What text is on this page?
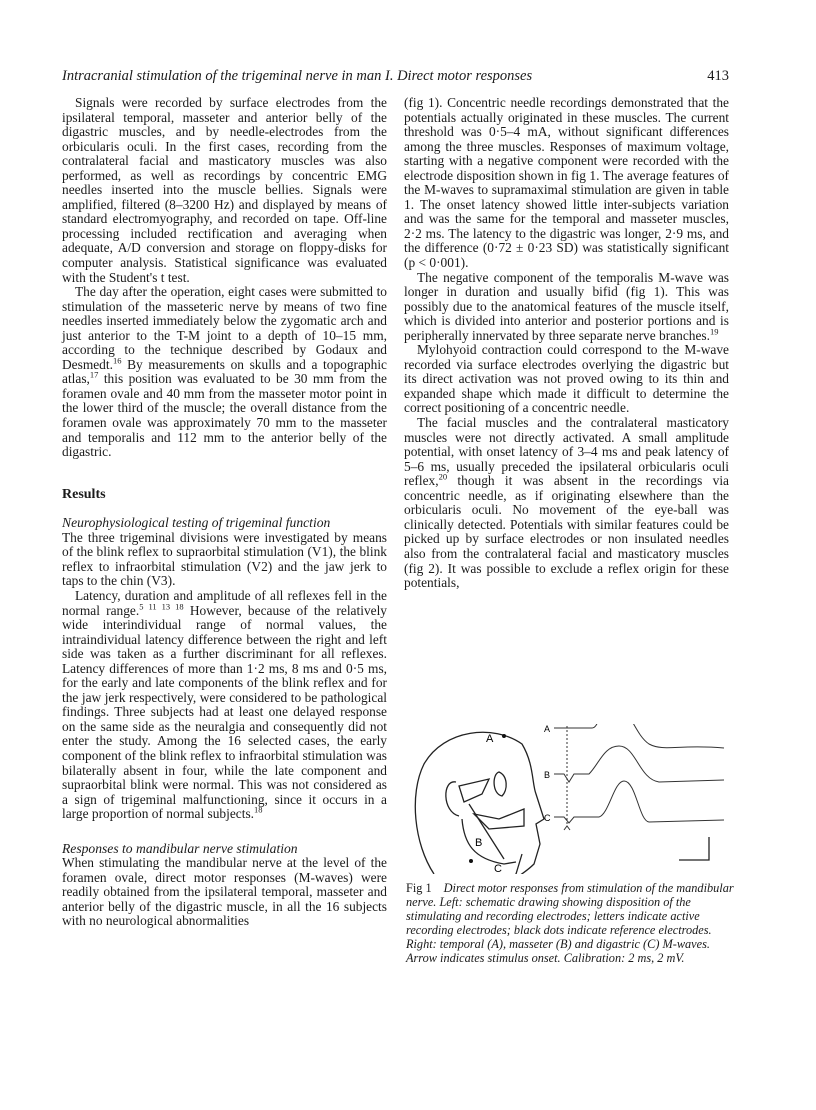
Intracranial stimulation of the trigeminal nerve in man I. Direct motor responses	413

Signals were recorded by surface electrodes from the ipsilateral temporal, masseter and anterior belly of the digastric muscles, and by needle-electrodes from the orbicularis oculi. In the first cases, recording from the contralateral facial and masticatory muscles was also performed, as well as recordings by concentric EMG needles inserted into the muscle bellies. Signals were amplified, filtered (8–3200 Hz) and displayed by means of standard electromyography, and recorded on tape. Off-line processing included rectification and averaging when adequate, A/D conversion and storage on floppy-disks for computer analysis. Statistical significance was evaluated with the Student's t test.

The day after the operation, eight cases were submitted to stimulation of the masseteric nerve by means of two fine needles inserted immediately below the zygomatic arch and just anterior to the T-M joint to a depth of 10–15 mm, according to the technique described by Godaux and Desmedt.$^{16}$ By measurements on skulls and a topographic atlas,$^{17}$ this position was evaluated to be 30 mm from the foramen ovale and 40 mm from the masseter motor point in the lower third of the muscle; the overall distance from the foramen ovale was approximately 70 mm to the masseter and temporalis and 112 mm to the anterior belly of the digastric.

Results
Neurophysiological testing of trigeminal function

The three trigeminal divisions were investigated by means of the blink reflex to supraorbital stimulation (V1), the blink reflex to infraorbital stimulation (V2) and the jaw jerk to taps to the chin (V3).

Latency, duration and amplitude of all reflexes fell in the normal range.$^{5 11 13 18}$ However, because of the relatively wide interindividual range of normal values, the intraindividual latency difference between the right and left side was taken as a further discriminant for all reflexes. Latency differences of more than 1·2 ms, 8 ms and 0·5 ms, for the early and late components of the blink reflex and for the jaw jerk respectively, were considered to be pathological findings. Three subjects had at least one delayed response on the same side as the neuralgia and consequently did not enter the study. Among the 16 selected cases, the early component of the blink reflex to infraorbital stimulation was bilaterally absent in four, while the late component and supraorbital blink were normal. This was not considered as a sign of trigeminal malfunctioning, since it occurs in a large proportion of normal subjects.$^{18}$

Responses to mandibular nerve stimulation

When stimulating the mandibular nerve at the level of the foramen ovale, direct motor responses (M-waves) were readily obtained from the ipsilateral temporal, masseter and anterior belly of the digastric muscle, in all the 16 subjects with no neurological abnormalities

(fig 1). Concentric needle recordings demonstrated that the potentials actually originated in these muscles. The current threshold was 0·5–4 mA, without significant differences among the three muscles. Responses of maximum voltage, starting with a negative component were recorded with the electrode disposition shown in fig 1. The average features of the M-waves to supramaximal stimulation are given in table 1. The onset latency showed little inter-subjects variation and was the same for the temporal and masseter muscles, 2·2 ms. The latency to the digastric was longer, 2·9 ms, and the difference (0·72 ± 0·23 SD) was statistically significant (p < 0·001).

The negative component of the temporalis M-wave was longer in duration and usually bifid (fig 1). This was possibly due to the anatomical features of the muscle itself, which is divided into anterior and posterior portions and is peripherally innervated by three separate nerve branches.$^{19}$

Mylohyoid contraction could correspond to the M-wave recorded via surface electrodes overlying the digastric but its direct activation was not proved owing to its thin and expanded shape which made it difficult to determine the correct positioning of a concentric needle.

The facial muscles and the contralateral masticatory muscles were not directly activated. A small amplitude potential, with onset latency of 3–4 ms and peak latency of 5–6 ms, usually preceded the ipsilateral orbicularis oculi reflex,$^{20}$ though it was absent in the recordings via concentric needle, as if originating elsewhere than the orbicularis oculi. No movement of the eye-ball was clinically detected. Potentials with similar features could be picked up by surface electrodes or non insulated needles also from the contralateral facial and masticatory muscles (fig 2). It was possible to exclude a reflex origin for these potentials,

A
B
C
A
B
C
Fig 1 Direct motor responses from stimulation of the mandibular nerve. Left: schematic drawing showing disposition of the stimulating and recording electrodes; letters indicate active recording electrodes; black dots indicate reference electrodes. Right: temporal (A), masseter (B) and digastric (C) M-waves. Arrow indicates stimulus onset. Calibration: 2 ms, 2 mV.
